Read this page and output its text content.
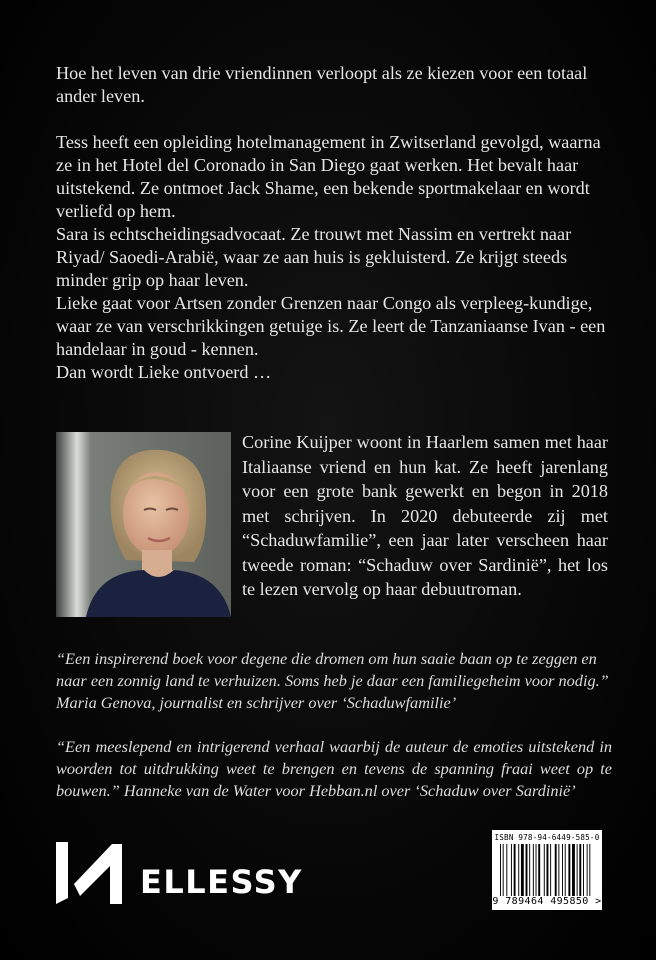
Hoe het leven van drie vriendinnen verloopt als ze kiezen voor een totaal ander leven.

Tess heeft een opleiding hotelmanagement in Zwitserland gevolgd, waarna ze in het Hotel del Coronado in San Diego gaat werken. Het bevalt haar uitstekend. Ze ontmoet Jack Shame, een bekende sportmakelaar en wordt verliefd op hem.

Sara is echtscheidingsadvocaat. Ze trouwt met Nassim en vertrekt naar Riyad/ Saoedi-Arabië, waar ze aan huis is gekluisterd. Ze krijgt steeds minder grip op haar leven.

Lieke gaat voor Artsen zonder Grenzen naar Congo als verpleeg-kundige, waar ze van verschrikkingen getuige is. Ze leert de Tanzaniaanse Ivan - een handelaar in goud - kennen.

Dan wordt Lieke ontvoerd …

Corine Kuijper woont in Haarlem samen met haar Italiaanse vriend en hun kat. Ze heeft jarenlang voor een grote bank gewerkt en begon in 2018 met schrijven. In 2020 debuteerde zij met “Schaduwfamilie”, een jaar later verscheen haar tweede roman: “Schaduw over Sardinië”, het los te lezen vervolg op haar debuutroman.

“Een inspirerend boek voor degene die dromen om hun saaie baan op te zeggen en naar een zonnig land te verhuizen. Soms heb je daar een familiegeheim voor nodig.”

Maria Genova, journalist en schrijver over ‘Schaduwfamilie’

“Een meeslepend en intrigerend verhaal waarbij de auteur de emoties uitstekend in woorden tot uitdrukking weet te brengen en tevens de spanning fraai weet op te bouwen.” Hanneke van de Water voor Hebban.nl over ‘Schaduw over Sardinië’

ELLESSY
ISBN 978-94-6449-585-0
9 789464 495850 >
